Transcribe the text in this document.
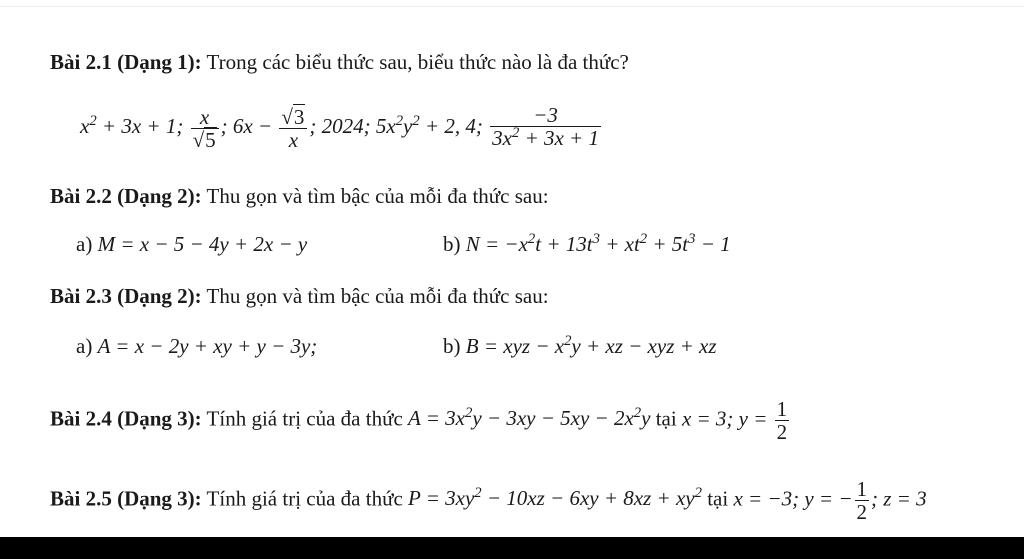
Bài 2.1 (Dạng 1): Trong các biểu thức sau, biểu thức nào là đa thức?
$x^2 + 3x + 1$; $\frac{x}{√5}$ ; $6x - \frac{√3}{x}$ ; 2024; $5x^2y^2 + 2$, 4; $\frac{-3}{3x^2 + 3x + 1}$
Bài 2.2 (Dạng 2): Thu gọn và tìm bậc của mỗi đa thức sau:
a) M = x − 5 − 4y + 2x − y	b) $N = -x^2t + 13t^3 + xt^2 + 5t^3 - 1$
Bài 2.3 (Dạng 2): Thu gọn và tìm bậc của mỗi đa thức sau:
a) A = x − 2y + xy + y − 3y;	b) B = xyz − $x^2y$ + xz − xyz + xz
Bài 2.4 (Dạng 3): Tính giá trị của đa thức $A = 3x^2y - 3xy - 5xy - 2x^2y$ tại x = 3; $y = \frac{1}{2}$
Bài 2.5 (Dạng 3): Tính giá trị của đa thức $P = 3xy^2 - 10xz - 6xy + 8xz + xy^2$ tại x = −3; y = − $\frac{1}{2}$ ; z = 3
